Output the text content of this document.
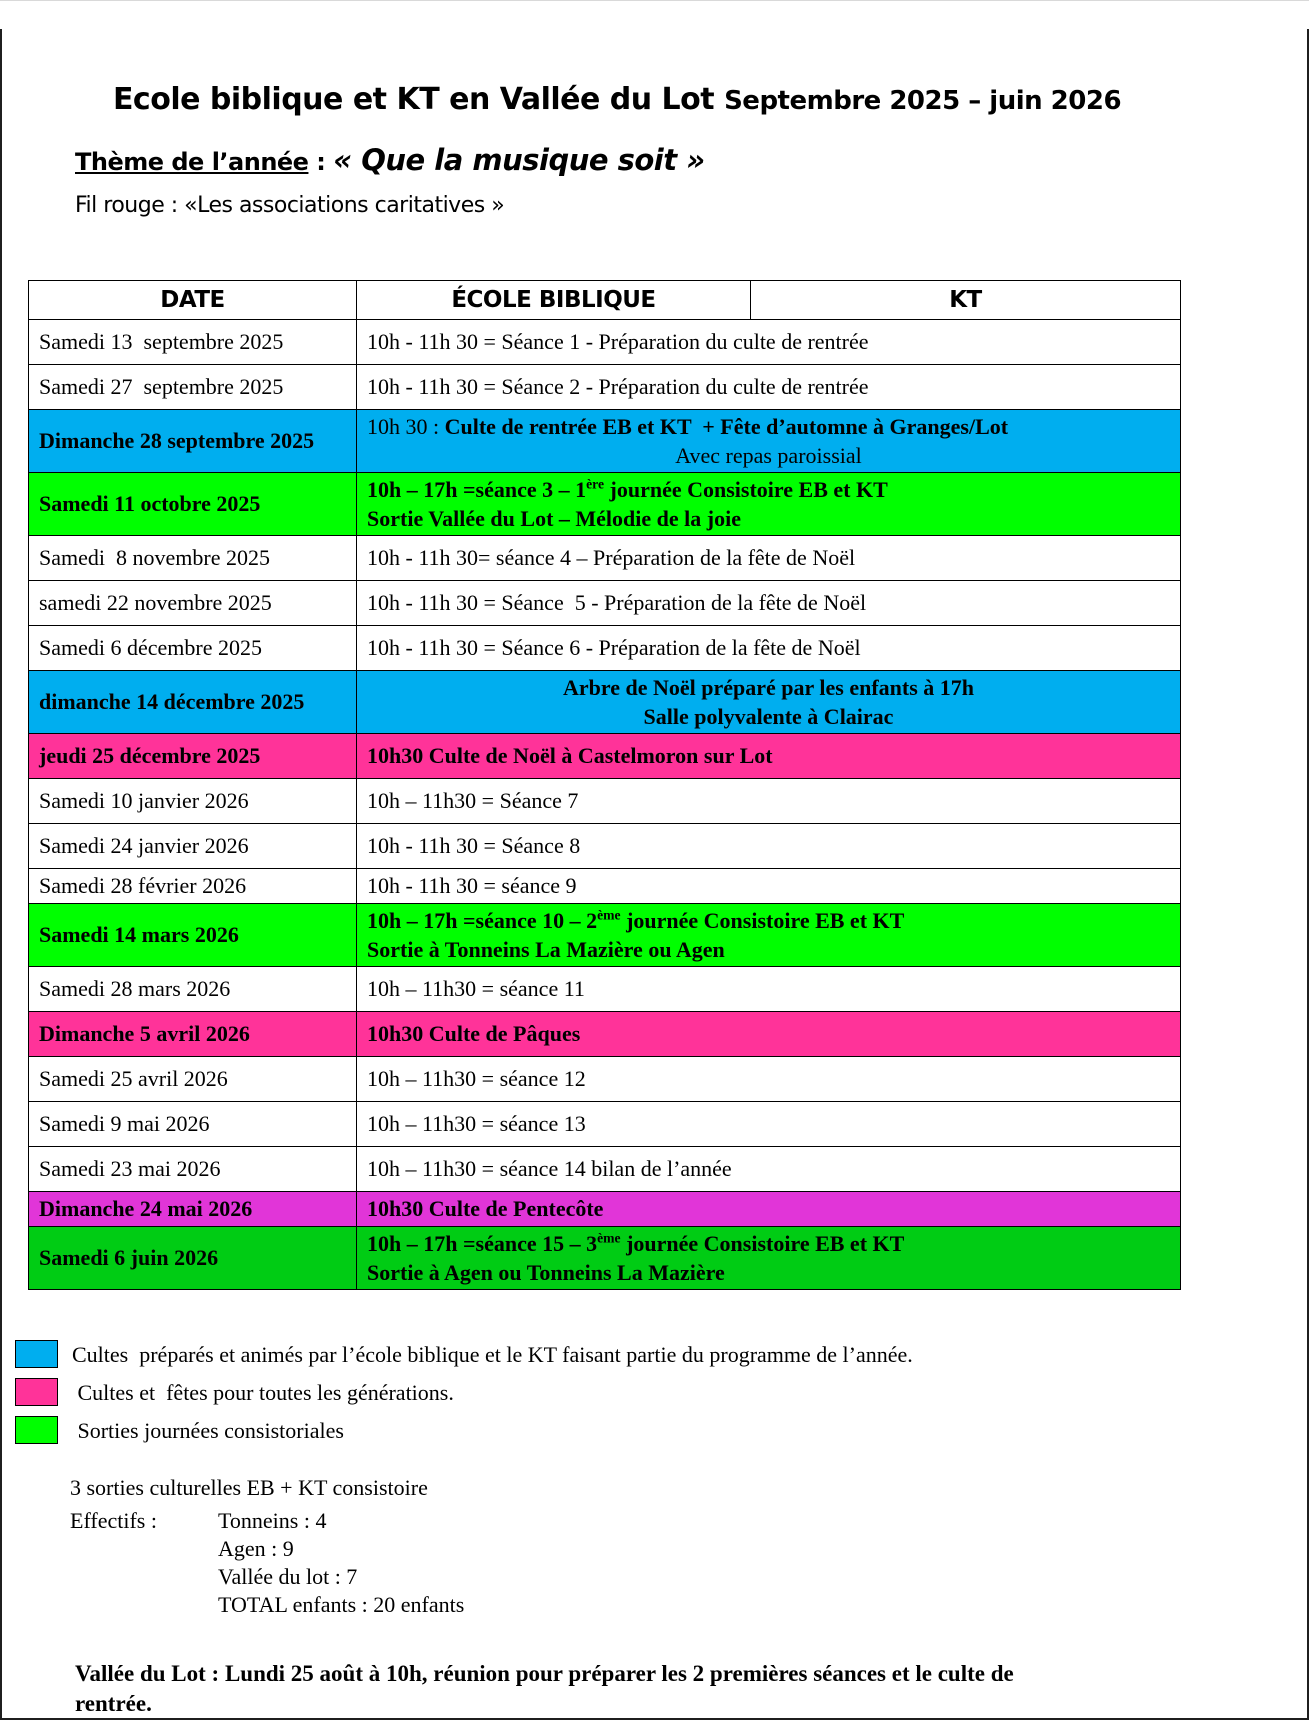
Ecole biblique et KT en Vallée du Lot Septembre 2025 – juin 2026
Thème de l’année : « Que la musique soit »
Fil rouge : «Les associations caritatives »
DATE	ÉCOLE BIBLIQUE	KT
Samedi 13  septembre 2025	10h - 11h 30 = Séance 1 - Préparation du culte de rentrée	

Samedi 27  septembre 2025	10h - 11h 30 = Séance 2 - Préparation du culte de rentrée	

Dimanche 28 septembre 2025	10h 30 : Culte de rentrée EB et KT  + Fête d’automne à Granges/Lot
Avec repas paroissial	

Samedi 11 octobre 2025	10h – 17h =séance 3 – 1ère journée Consistoire EB et KT
Sortie Vallée du Lot – Mélodie de la joie	

Samedi  8 novembre 2025	10h - 11h 30= séance 4 – Préparation de la fête de Noël	

samedi 22 novembre 2025	10h - 11h 30 = Séance  5 - Préparation de la fête de Noël	

Samedi 6 décembre 2025	10h - 11h 30 = Séance 6 - Préparation de la fête de Noël	

dimanche 14 décembre 2025	Arbre de Noël préparé par les enfants à 17h
Salle polyvalente à Clairac	

jeudi 25 décembre 2025	10h30 Culte de Noël à Castelmoron sur Lot	

Samedi 10 janvier 2026	10h – 11h30 = Séance 7	

Samedi 24 janvier 2026	10h - 11h 30 = Séance 8	

Samedi 28 février 2026	10h - 11h 30 = séance 9	

Samedi 14 mars 2026	10h – 17h =séance 10 – 2ème journée Consistoire EB et KT
Sortie à Tonneins La Mazière ou Agen	

Samedi 28 mars 2026	10h – 11h30 = séance 11	

Dimanche 5 avril 2026	10h30 Culte de Pâques	

Samedi 25 avril 2026	10h – 11h30 = séance 12	

Samedi 9 mai 2026	10h – 11h30 = séance 13	

Samedi 23 mai 2026	10h – 11h30 = séance 14 bilan de l’année	

Dimanche 24 mai 2026	10h30 Culte de Pentecôte	

Samedi 6 juin 2026	10h – 17h =séance 15 – 3ème journée Consistoire EB et KT
Sortie à Agen ou Tonneins La Mazière	
Cultes  préparés et animés par l’école biblique et le KT faisant partie du programme de l’année.
Cultes et  fêtes pour toutes les générations.
Sorties journées consistoriales
3 sorties culturelles EB + KT consistoire
Effectifs :	Tonneins : 4
Agen : 9
Vallée du lot : 7
TOTAL enfants : 20 enfants
Vallée du Lot : Lundi 25 août à 10h, réunion pour préparer les 2 premières séances et le culte de rentrée.
